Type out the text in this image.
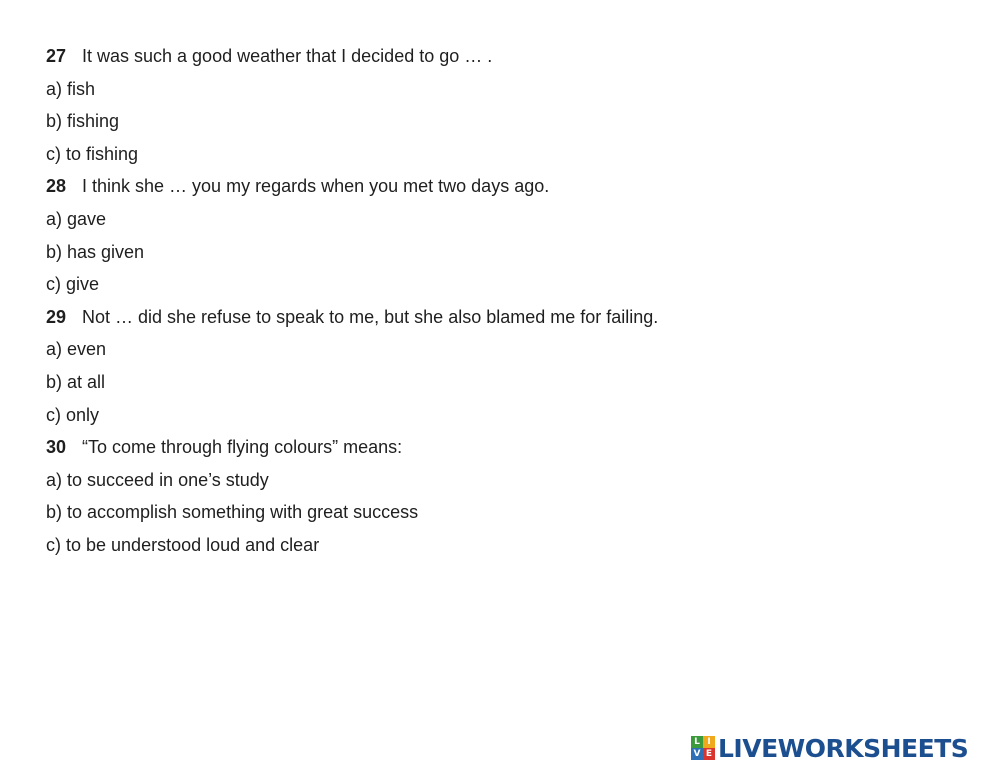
27 It was such a good weather that I decided to go … .
a) fish
b) fishing
c) to fishing
28 I think she … you my regards when you met two days ago.
a) gave
b) has given
c) give
29 Not … did she refuse to speak to me, but she also blamed me for failing.
a) even
b) at all
c) only
30 “To come through flying colours” means:
a) to succeed in one’s study
b) to accomplish something with great success
c) to be understood loud and clear
L I
V E LIVEWORKSHEETS
